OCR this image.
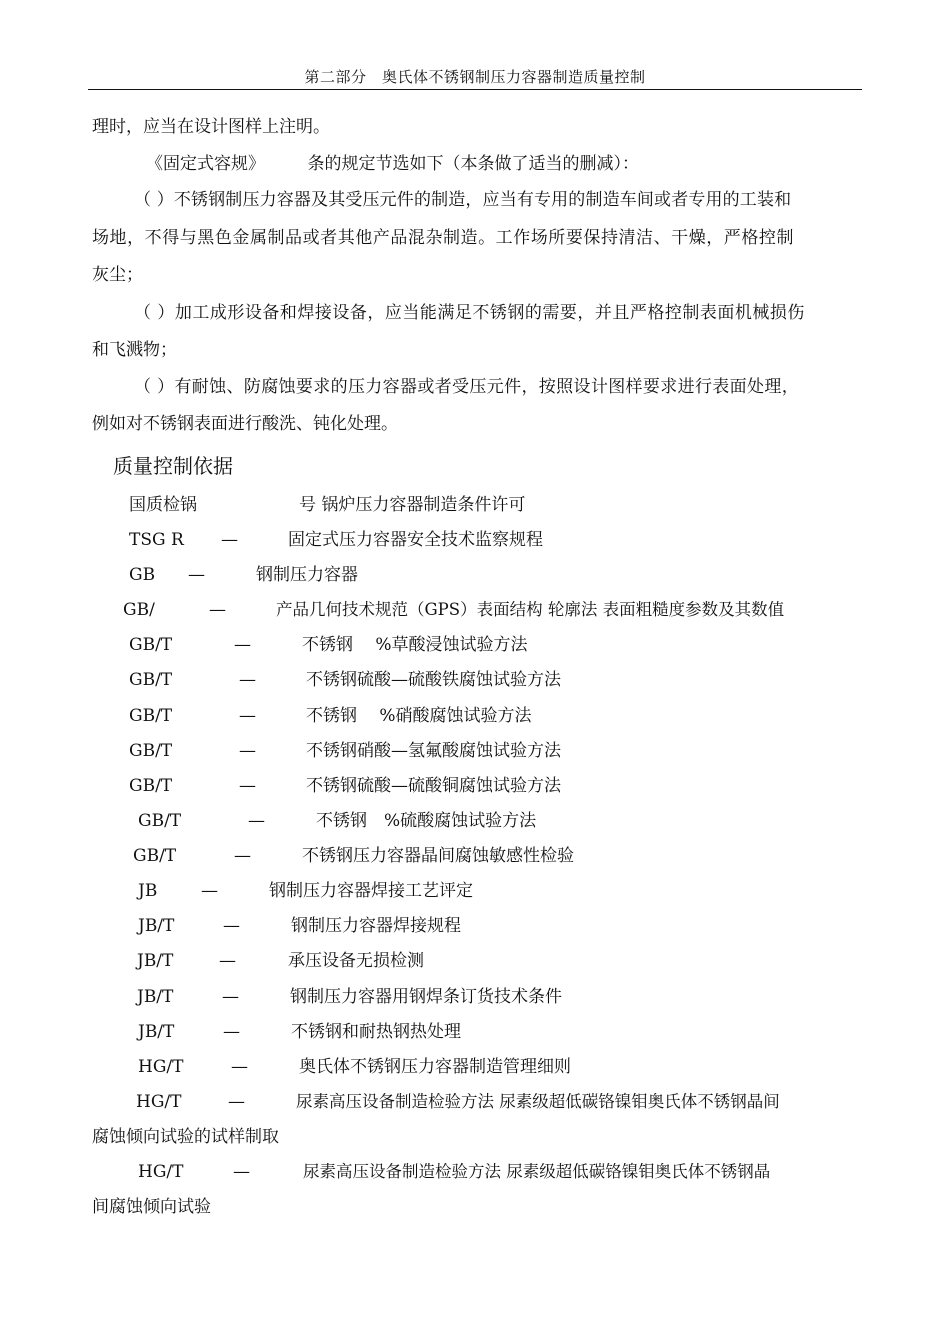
第二部分　奥氏体不锈钢制压力容器制造质量控制
理时，应当在设计图样上注明。
《固定式容规》　　　条的规定节选如下（本条做了适当的删减）：
（ ）不锈钢制压力容器及其受压元件的制造，应当有专用的制造车间或者专用的工装和
场地，不得与黑色金属制品或者其他产品混杂制造。工作场所要保持清洁、干燥，严格控制
灰尘；
（ ）加工成形设备和焊接设备，应当能满足不锈钢的需要，并且严格控制表面机械损伤
和飞溅物；
（ ）有耐蚀、防腐蚀要求的压力容器或者受压元件，按照设计图样要求进行表面处理，
例如对不锈钢表面进行酸洗、钝化处理。
质量控制依据
国质检锅	号 锅炉压力容器制造条件许可
TSG R —	固定式压力容器安全技术监察规程
GB —	钢制压力容器
GB/	—	产品几何技术规范（GPS）表面结构 轮廓法 表面粗糙度参数及其数值
GB/T	—	不锈钢　 %草酸浸蚀试验方法
GB/T	—	不锈钢硫酸—硫酸铁腐蚀试验方法
GB/T	—	不锈钢　 %硝酸腐蚀试验方法
GB/T	—	不锈钢硝酸—氢氟酸腐蚀试验方法
GB/T	—	不锈钢硫酸—硫酸铜腐蚀试验方法
GB/T	—	不锈钢　%硫酸腐蚀试验方法
GB/T	—	不锈钢压力容器晶间腐蚀敏感性检验
JB	—	钢制压力容器焊接工艺评定
JB/T	—	钢制压力容器焊接规程
JB/T	—	承压设备无损检测
JB/T	—	钢制压力容器用钢焊条订货技术条件
JB/T	—	不锈钢和耐热钢热处理
HG/T	—	奥氏体不锈钢压力容器制造管理细则
HG/T	—	尿素高压设备制造检验方法 尿素级超低碳铬镍钼奥氏体不锈钢晶间
腐蚀倾向试验的试样制取
HG/T	—	尿素高压设备制造检验方法 尿素级超低碳铬镍钼奥氏体不锈钢晶
间腐蚀倾向试验
